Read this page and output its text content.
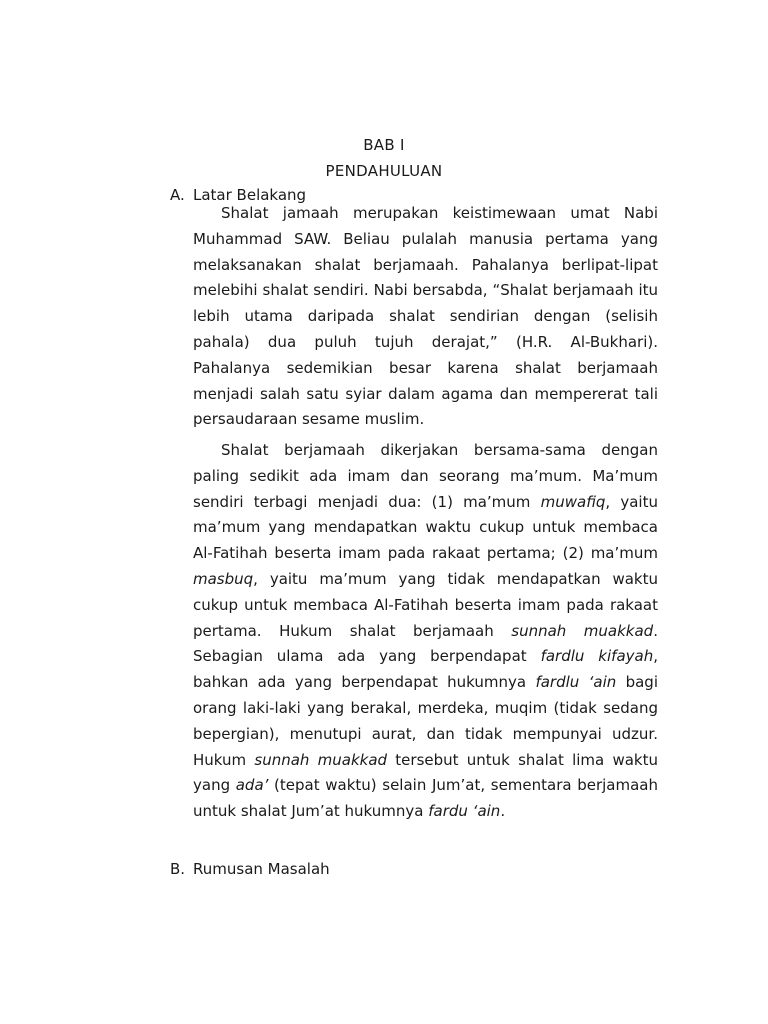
BAB I
PENDAHULUAN
A. Latar Belakang

Shalat jamaah merupakan keistimewaan umat Nabi Muhammad SAW. Beliau pulalah manusia pertama yang melaksanakan shalat berjamaah. Pahalanya berlipat-lipat melebihi shalat sendiri. Nabi bersabda, “Shalat berjamaah itu lebih utama daripada shalat sendirian dengan (selisih pahala) dua puluh tujuh derajat,” (H.R. Al-Bukhari). Pahalanya sedemikian besar karena shalat berjamaah menjadi salah satu syiar dalam agama dan mempererat tali persaudaraan sesame muslim.

Shalat berjamaah dikerjakan bersama-sama dengan paling sedikit ada imam dan seorang ma’mum. Ma’mum sendiri terbagi menjadi dua: (1) ma’mum muwafiq, yaitu ma’mum yang mendapatkan waktu cukup untuk membaca Al-Fatihah beserta imam pada rakaat pertama; (2) ma’mum masbuq, yaitu ma’mum yang tidak mendapatkan waktu cukup untuk membaca Al-Fatihah beserta imam pada rakaat pertama. Hukum shalat berjamaah sunnah muakkad. Sebagian ulama ada yang berpendapat fardlu kifayah, bahkan ada yang berpendapat hukumnya fardlu ‘ain bagi orang laki-laki yang berakal, merdeka, muqim (tidak sedang bepergian), menutupi aurat, dan tidak mempunyai udzur. Hukum sunnah muakkad tersebut untuk shalat lima waktu yang ada’ (tepat waktu) selain Jum’at, sementara berjamaah untuk shalat Jum’at hukumnya fardu ‘ain.

B. Rumusan Masalah
